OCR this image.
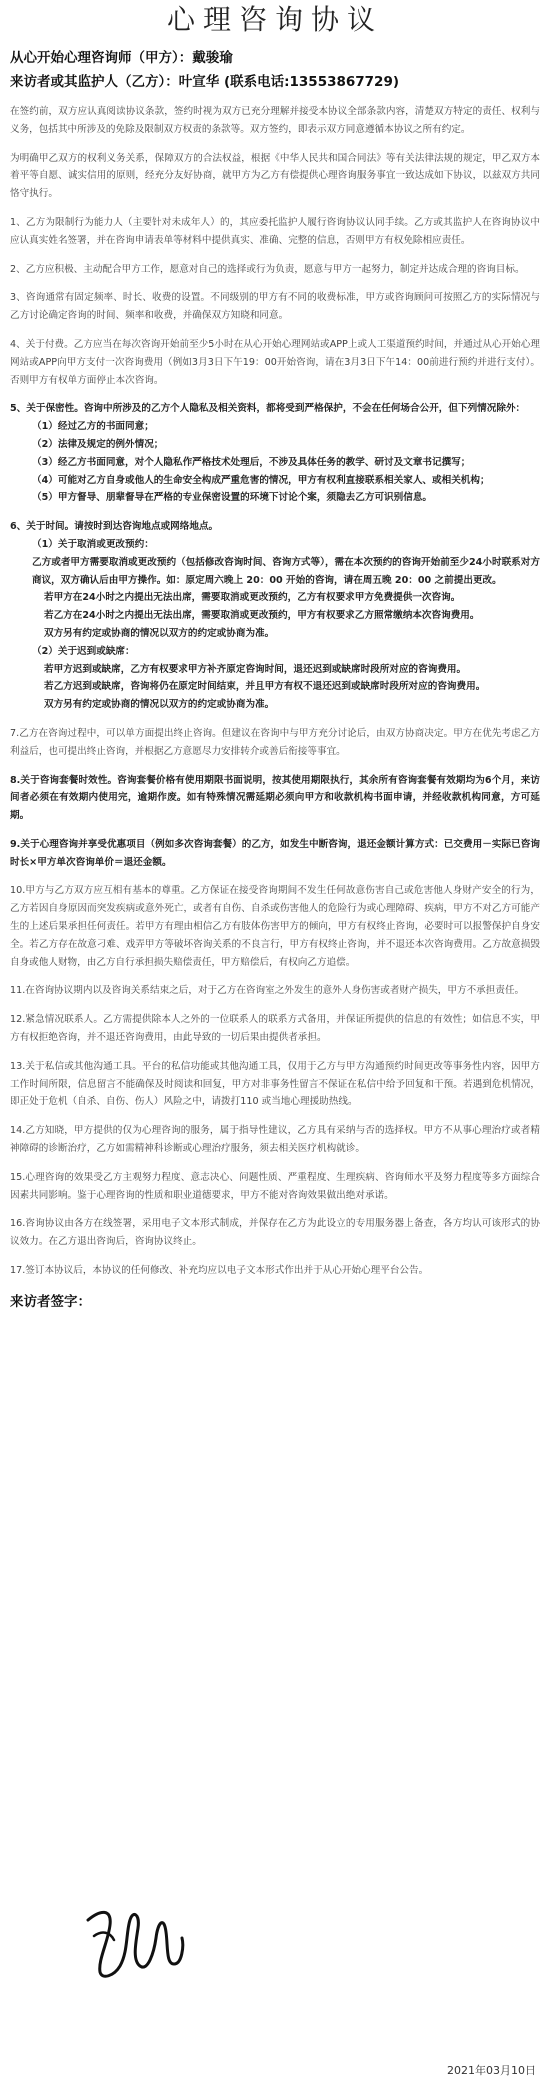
心理咨询协议

从心开始心理咨询师（甲方）：戴骏瑜

来访者或其监护人（乙方）：叶宣华 (联系电话:13553867729)

在签约前，双方应认真阅读协议条款，签约时视为双方已充分理解并接受本协议全部条款内容，清楚双方特定的责任、权利与义务，包括其中所涉及的免除及限制双方权责的条款等。双方签约，即表示双方同意遵循本协议之所有约定。

为明确甲乙双方的权利义务关系，保障双方的合法权益，根据《中华人民共和国合同法》等有关法律法规的规定，甲乙双方本着平等自愿、诚实信用的原则，经充分友好协商，就甲方为乙方有偿提供心理咨询服务事宜一致达成如下协议，以兹双方共同恪守执行。

1、乙方为限制行为能力人（主要针对未成年人）的，其应委托监护人履行咨询协议认同手续。乙方或其监护人在咨询协议中应认真实姓名签署，并在咨询申请表单等材料中提供真实、准确、完整的信息，否则甲方有权免除相应责任。

2、乙方应积极、主动配合甲方工作，愿意对自己的选择或行为负责，愿意与甲方一起努力，制定并达成合理的咨询目标。

3、咨询通常有固定频率、时长、收费的设置。不同级别的甲方有不同的收费标准，甲方或咨询顾问可按照乙方的实际情况与乙方讨论确定咨询的时间、频率和收费，并确保双方知晓和同意。

4、关于付费。乙方应当在每次咨询开始前至少5小时在从心开始心理网站或APP上或人工渠道预约时间，并通过从心开始心理网站或APP向甲方支付一次咨询费用（例如3月3日下午19：00开始咨询，请在3月3日下午14：00前进行预约并进行支付）。否则甲方有权单方面停止本次咨询。

5、关于保密性。咨询中所涉及的乙方个人隐私及相关资料，都将受到严格保护，不会在任何场合公开，但下列情况除外：

（1）经过乙方的书面同意；

（2）法律及规定的例外情况；

（3）经乙方书面同意，对个人隐私作严格技术处理后，不涉及具体任务的教学、研讨及文章书记撰写；

（4）可能对乙方自身或他人的生命安全构成严重危害的情况，甲方有权利直接联系相关家人、或相关机构；

（5）甲方督导、朋辈督导在严格的专业保密设置的环境下讨论个案，须隐去乙方可识别信息。

6、关于时间。请按时到达咨询地点或网络地点。

（1）关于取消或更改预约：

乙方或者甲方需要取消或更改预约（包括修改咨询时间、咨询方式等），需在本次预约的咨询开始前至少24小时联系对方商议，双方确认后由甲方操作。如：原定周六晚上 20：00 开始的咨询，请在周五晚 20：00 之前提出更改。

若甲方在24小时之内提出无法出席，需要取消或更改预约，乙方有权要求甲方免费提供一次咨询。

若乙方在24小时之内提出无法出席，需要取消或更改预约，甲方有权要求乙方照常缴纳本次咨询费用。

双方另有约定或协商的情况以双方的约定或协商为准。

（2）关于迟到或缺席：

若甲方迟到或缺席，乙方有权要求甲方补齐原定咨询时间，退还迟到或缺席时段所对应的咨询费用。

若乙方迟到或缺席，咨询将仍在原定时间结束，并且甲方有权不退还迟到或缺席时段所对应的咨询费用。

双方另有约定或协商的情况以双方的约定或协商为准。

7.乙方在咨询过程中，可以单方面提出终止咨询。但建议在咨询中与甲方充分讨论后，由双方协商决定。甲方在优先考虑乙方利益后，也可提出终止咨询，并根据乙方意愿尽力安排转介或善后衔接等事宜。

8.关于咨询套餐时效性。咨询套餐价格有使用期限书面说明，按其使用期限执行，其余所有咨询套餐有效期均为6个月，来访间者必须在有效期内使用完，逾期作废。如有特殊情况需延期必须向甲方和收款机构书面申请，并经收款机构同意，方可延期。

9.关于心理咨询并享受优惠项目（例如多次咨询套餐）的乙方，如发生中断咨询，退还金额计算方式：已交费用－实际已咨询时长×甲方单次咨询单价＝退还金额。

10.甲方与乙方双方应互相有基本的尊重。乙方保证在接受咨询期间不发生任何故意伤害自己或危害他人身财产安全的行为，乙方若因自身原因而突发疾病或意外死亡，或者有自伤、自杀或伤害他人的危险行为或心理障碍、疾病，甲方不对乙方可能产生的上述后果承担任何责任。若甲方有理由相信乙方有肢体伤害甲方的倾向，甲方有权终止咨询，必要时可以报警保护自身安全。若乙方存在故意刁难、戏弄甲方等破坏咨询关系的不良言行，甲方有权终止咨询，并不退还本次咨询费用。乙方故意损毁自身或他人财物，由乙方自行承担损失赔偿责任，甲方赔偿后，有权向乙方追偿。

11.在咨询协议期内以及咨询关系结束之后，对于乙方在咨询室之外发生的意外人身伤害或者财产损失，甲方不承担责任。

12.紧急情况联系人。乙方需提供除本人之外的一位联系人的联系方式备用，并保证所提供的信息的有效性；如信息不实，甲方有权拒绝咨询，并不退还咨询费用，由此导致的一切后果由提供者承担。

13.关于私信或其他沟通工具。平台的私信功能或其他沟通工具，仅用于乙方与甲方沟通预约时间更改等事务性内容，因甲方工作时间所限，信息留言不能确保及时阅读和回复，甲方对非事务性留言不保证在私信中给予回复和干预。若遇到危机情况，即正处于危机（自杀、自伤、伤人）风险之中，请拨打110 或当地心理援助热线。

14.乙方知晓，甲方提供的仅为心理咨询的服务，属于指导性建议，乙方具有采纳与否的选择权。甲方不从事心理治疗或者精神障碍的诊断治疗，乙方如需精神科诊断或心理治疗服务，须去相关医疗机构就诊。

15.心理咨询的效果受乙方主观努力程度、意志决心、问题性质、严重程度、生理疾病、咨询师水平及努力程度等多方面综合因素共同影响。鉴于心理咨询的性质和职业道德要求，甲方不能对咨询效果做出绝对承诺。

16.咨询协议由各方在线签署，采用电子文本形式制成，并保存在乙方为此设立的专用服务器上备查，各方均认可该形式的协议效力。在乙方退出咨询后，咨询协议终止。

17.签订本协议后，本协议的任何修改、补充均应以电子文本形式作出并于从心开始心理平台公告。

来访者签字：

2021年03月10日
